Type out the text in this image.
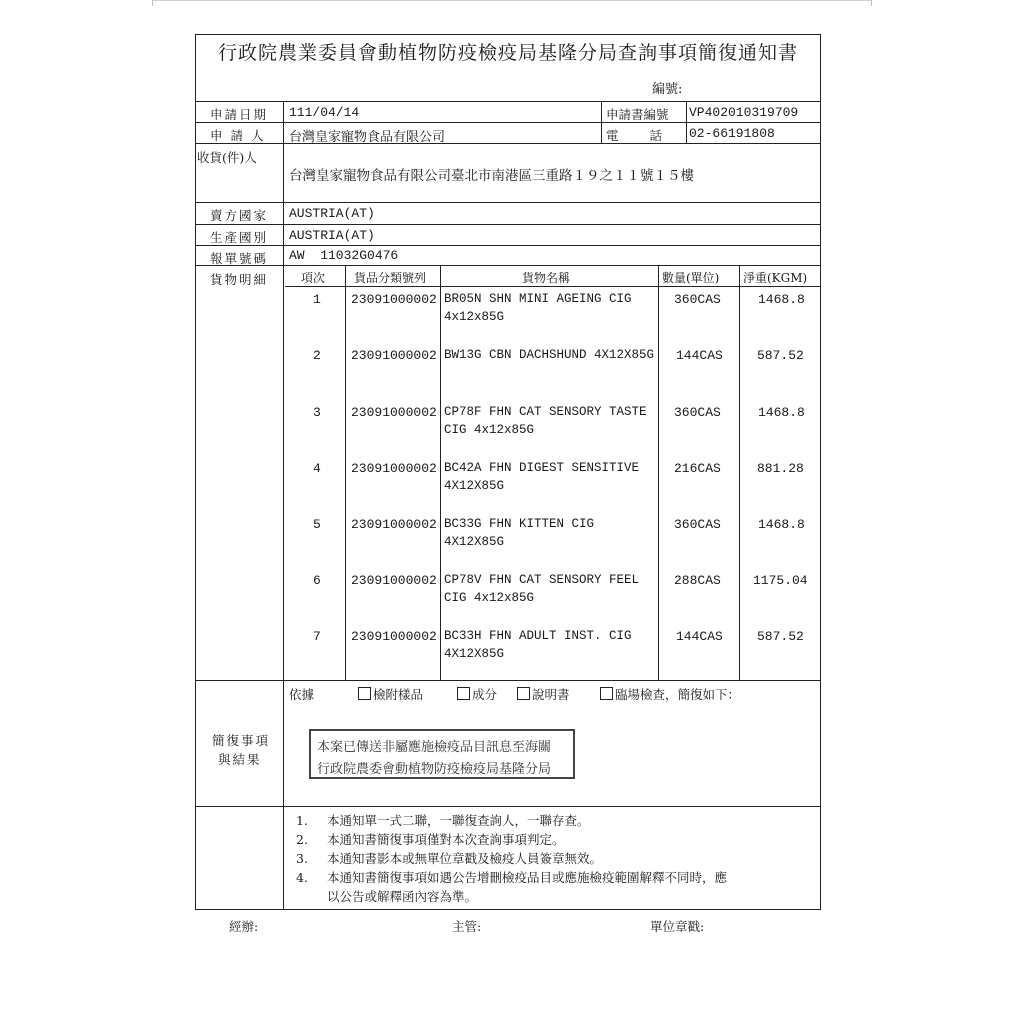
行政院農業委員會動植物防疫檢疫局基隆分局查詢事項簡復通知書
編號:
申請日期 111/04/14	申請書編號 VP402010319709
申 請 人 台灣皇家寵物食品有限公司	電　　話 02-66191808
收貨(件)人
台灣皇家寵物食品有限公司臺北市南港區三重路１９之１１號１５樓
賣方國家 AUSTRIA(AT)
生產國別 AUSTRIA(AT)
報單號碼 AW  11032G0476
貨物明細	項次 貨品分類號列	貨物名稱	數量(單位) 淨重(KGM)
1 23091000002 BR05N SHN MINI AGEING CIG
4x12x85G
360CAS	1468.8
2 23091000002 BW13G CBN DACHSHUND 4X12X85G	144CAS	587.52
3 23091000002 CP78F FHN CAT SENSORY TASTE
CIG 4x12x85G
360CAS	1468.8
4 23091000002 BC42A FHN DIGEST SENSITIVE
4X12X85G
216CAS	881.28
5 23091000002 BC33G FHN KITTEN CIG
4X12X85G
360CAS	1468.8
6 23091000002 CP78V FHN CAT SENSORY FEEL
CIG 4x12x85G
288CAS 1175.04
7 23091000002 BC33H FHN ADULT INST. CIG
4X12X85G
144CAS	587.52
依據	檢附樣品	成分	說明書	臨場檢查，簡復如下：
簡復事項
與結果
本案已傳送非屬應施檢疫品目訊息至海關
行政院農委會動植物防疫檢疫局基隆分局
1. 本通知單一式二聯，一聯復查詢人，一聯存查。
2. 本通知書簡復事項僅對本次查詢事項判定。
3. 本通知書影本或無單位章戳及檢疫人員簽章無效。
4. 本通知書簡復事項如遇公告增刪檢疫品目或應施檢疫範圍解釋不同時，應
以公告或解釋函內容為準。
經辦:	主管:	單位章戳:
